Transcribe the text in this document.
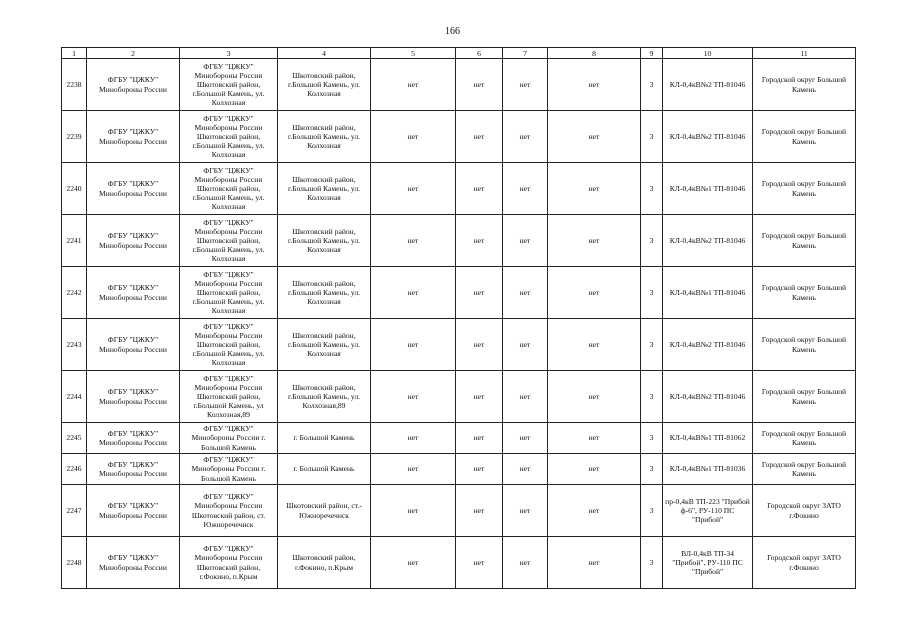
166
1	2	3	4	5	6	7	8	9	10	11

2238	ФГБУ "ЦЖКУ" Минобороны России	ФГБУ "ЦЖКУ" Минобороны России Шкотовский район, г.Большой Камень, ул. Колхозная	Шкотовский район, г.Большой Камень, ул. Колхозная	нет	нет	нет	нет	3	КЛ-0,4кВ№2 ТП-81046	Городской округ Большой Камень

2239	ФГБУ "ЦЖКУ" Минобороны России	ФГБУ "ЦЖКУ" Минобороны России Шкотовский район, г.Большой Камень, ул. Колхозная	Шкотовский район, г.Большой Камень, ул. Колхозная	нет	нет	нет	нет	3	КЛ-0,4кВ№2 ТП-81046	Городской округ Большой Камень

2240	ФГБУ "ЦЖКУ" Минобороны России	ФГБУ "ЦЖКУ" Минобороны России Шкотовский район, г.Большой Камень, ул. Колхозная	Шкотовский район, г.Большой Камень, ул. Колхозная	нет	нет	нет	нет	3	КЛ-0,4кВ№1 ТП-81046	Городской округ Большой Камень

2241	ФГБУ "ЦЖКУ" Минобороны России	ФГБУ "ЦЖКУ" Минобороны России Шкотовский район, г.Большой Камень, ул. Колхозная	Шкотовский район, г.Большой Камень, ул. Колхозная	нет	нет	нет	нет	3	КЛ-0,4кВ№2 ТП-81046	Городской округ Большой Камень

2242	ФГБУ "ЦЖКУ" Минобороны России	ФГБУ "ЦЖКУ" Минобороны России Шкотовский район, г.Большой Камень, ул. Колхозная	Шкотовский район, г.Большой Камень, ул. Колхозная	нет	нет	нет	нет	3	КЛ-0,4кВ№1 ТП-81046	Городской округ Большой Камень

2243	ФГБУ "ЦЖКУ" Минобороны России	ФГБУ "ЦЖКУ" Минобороны России Шкотовский район, г.Большой Камень, ул. Колхозная	Шкотовский район, г.Большой Камень, ул. Колхозная	нет	нет	нет	нет	3	КЛ-0,4кВ№2 ТП-81046	Городской округ Большой Камень

2244	ФГБУ "ЦЖКУ" Минобороны России	ФГБУ "ЦЖКУ" Минобороны России Шкотовский район, г.Большой Камень, ул Колхозная,89	Шкотовский район, г.Большой Камень, ул. Колхозная,89	нет	нет	нет	нет	3	КЛ-0,4кВ№2 ТП-81046	Городской округ Большой Камень

2245	ФГБУ "ЦЖКУ" Минобороны России	ФГБУ "ЦЖКУ" Минобороны России г. Большой Камень	г. Большой Камень	нет	нет	нет	нет	3	КЛ-0,4кВ№1 ТП-81062	Городской округ Большой Камень

2246	ФГБУ "ЦЖКУ" Минобороны России	ФГБУ "ЦЖКУ" Минобороны России г. Большой Камень	г. Большой Камень	нет	нет	нет	нет	3	КЛ-0,4кВ№1 ТП-81036	Городской округ Большой Камень

2247	ФГБУ "ЦЖКУ" Минобороны России	ФГБУ "ЦЖКУ" Минобороны России Шкотовский район, ст. Южноречечнск	Шкотовский район, ст.-Южноречечнск	нет	нет	нет	нет	3	пр-0,4кВ ТП-223 "Прибой ф-6", РУ-110 ПС "Прибой"	Городской округ ЗАТО г.Фокино

2248	ФГБУ "ЦЖКУ" Минобороны России	ФГБУ "ЦЖКУ" Минобороны России Шкотовский район, г.Фокино, п.Крым	Шкотовский район, г.Фокино, п.Крым	нет	нет	нет	нет	3	ВЛ-0,4кВ ТП-34 "Прибой", РУ-110 ПС "Прибой"	Городской округ ЗАТО г.Фокино
